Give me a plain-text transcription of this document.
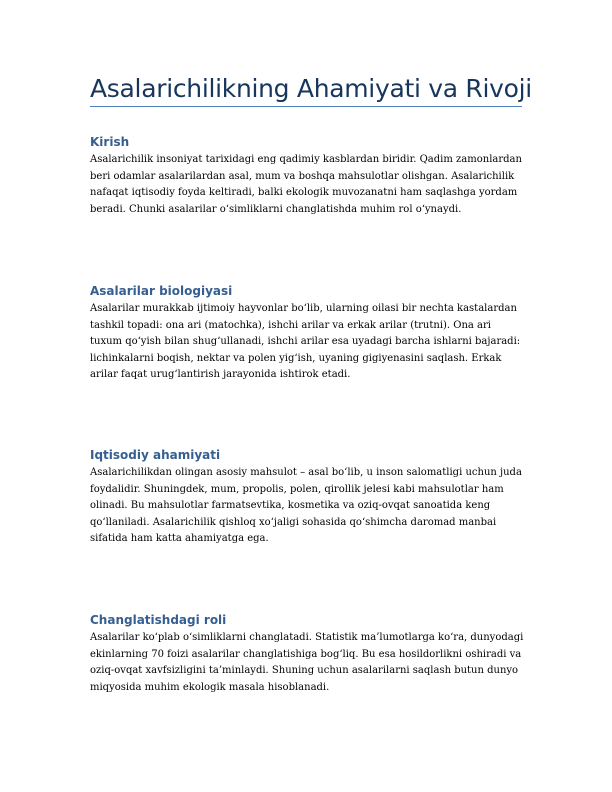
Asalarichilikning Ahamiyati va Rivoji
Kirish

Asalarichilik insoniyat tarixidagi eng qadimiy kasblardan biridir. Qadim zamonlardan beri odamlar asalarilardan asal, mum va boshqa mahsulotlar olishgan. Asalarichilik nafaqat iqtisodiy foyda keltiradi, balki ekologik muvozanatni ham saqlashga yordam beradi. Chunki asalarilar o‘simliklarni changlatishda muhim rol o‘ynaydi.

Asalarilar biologiyasi

Asalarilar murakkab ijtimoiy hayvonlar bo‘lib, ularning oilasi bir nechta kastalardan tashkil topadi: ona ari (matochka), ishchi arilar va erkak arilar (trutni). Ona ari tuxum qo‘yish bilan shug‘ullanadi, ishchi arilar esa uyadagi barcha ishlarni bajaradi: lichinkalarni boqish, nektar va polen yig‘ish, uyaning gigiyenasini saqlash. Erkak arilar faqat urug‘lantirish jarayonida ishtirok etadi.

Iqtisodiy ahamiyati

Asalarichilikdan olingan asosiy mahsulot – asal bo‘lib, u inson salomatligi uchun juda foydalidir. Shuningdek, mum, propolis, polen, qirollik jelesi kabi mahsulotlar ham olinadi. Bu mahsulotlar farmatsevtika, kosmetika va oziq-ovqat sanoatida keng qo‘llaniladi. Asalarichilik qishloq xo‘jaligi sohasida qo‘shimcha daromad manbai sifatida ham katta ahamiyatga ega.

Changlatishdagi roli

Asalarilar ko‘plab o‘simliklarni changlatadi. Statistik ma’lumotlarga ko‘ra, dunyodagi ekinlarning 70 foizi asalarilar changlatishiga bog‘liq. Bu esa hosildorlikni oshiradi va oziq-ovqat xavfsizligini ta’minlaydi. Shuning uchun asalarilarni saqlash butun dunyo miqyosida muhim ekologik masala hisoblanadi.
